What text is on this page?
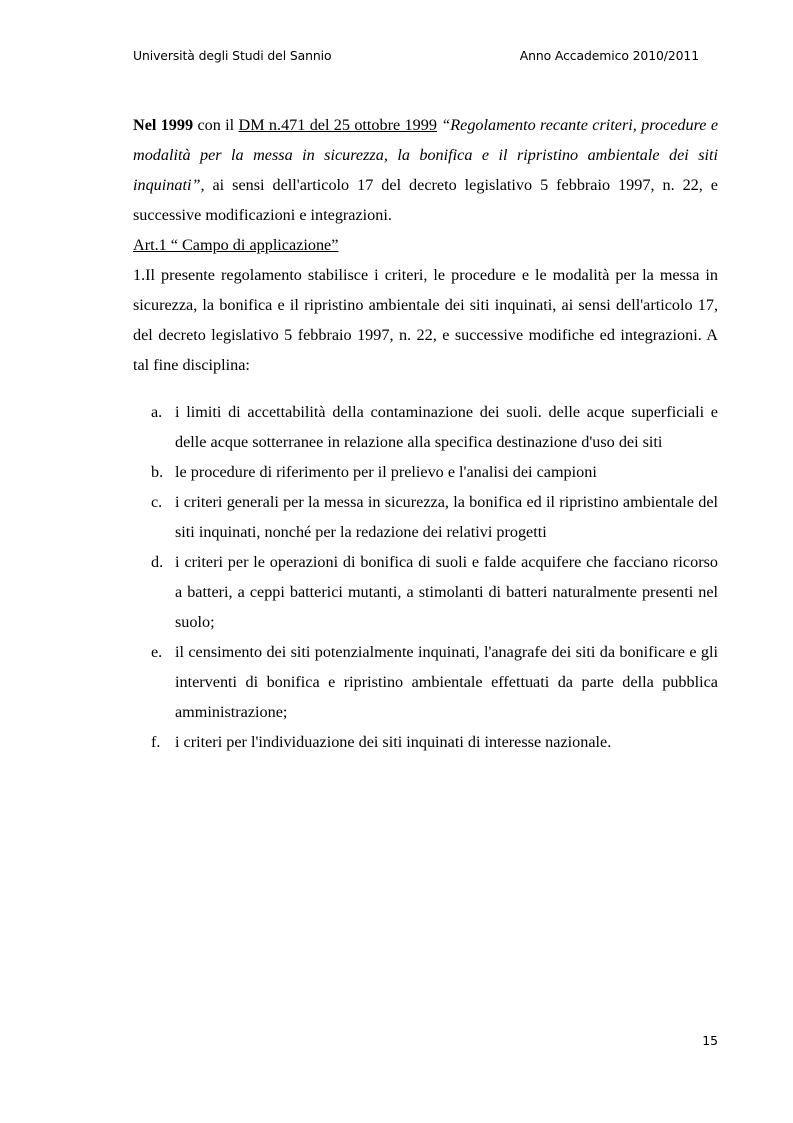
Università degli Studi del Sannio	Anno Accademico 2010/2011

Nel 1999 con il DM n.471 del 25 ottobre 1999 “Regolamento recante criteri, procedure e modalità per la messa in sicurezza, la bonifica e il ripristino ambientale dei siti inquinati”, ai sensi dell'articolo 17 del decreto legislativo 5 febbraio 1997, n. 22, e successive modificazioni e integrazioni.

Art.1 “ Campo di applicazione”

1.Il presente regolamento stabilisce i criteri, le procedure e le modalità per la messa in sicurezza, la bonifica e il ripristino ambientale dei siti inquinati, ai sensi dell'articolo 17, del decreto legislativo 5 febbraio 1997, n. 22, e successive modifiche ed integrazioni. A tal fine disciplina:

a. i limiti di accettabilità della contaminazione dei suoli. delle acque superficiali e delle acque sotterranee in relazione alla specifica destinazione d'uso dei siti
b. le procedure di riferimento per il prelievo e l'analisi dei campioni
c. i criteri generali per la messa in sicurezza, la bonifica ed il ripristino ambientale del siti inquinati, nonché per la redazione dei relativi progetti
d. i criteri per le operazioni di bonifica di suoli e falde acquifere che facciano ricorso a batteri, a ceppi batterici mutanti, a stimolanti di batteri naturalmente presenti nel suolo;
e. il censimento dei siti potenzialmente inquinati, l'anagrafe dei siti da bonificare e gli interventi di bonifica e ripristino ambientale effettuati da parte della pubblica amministrazione;
f. i criteri per l'individuazione dei siti inquinati di interesse nazionale.
15
